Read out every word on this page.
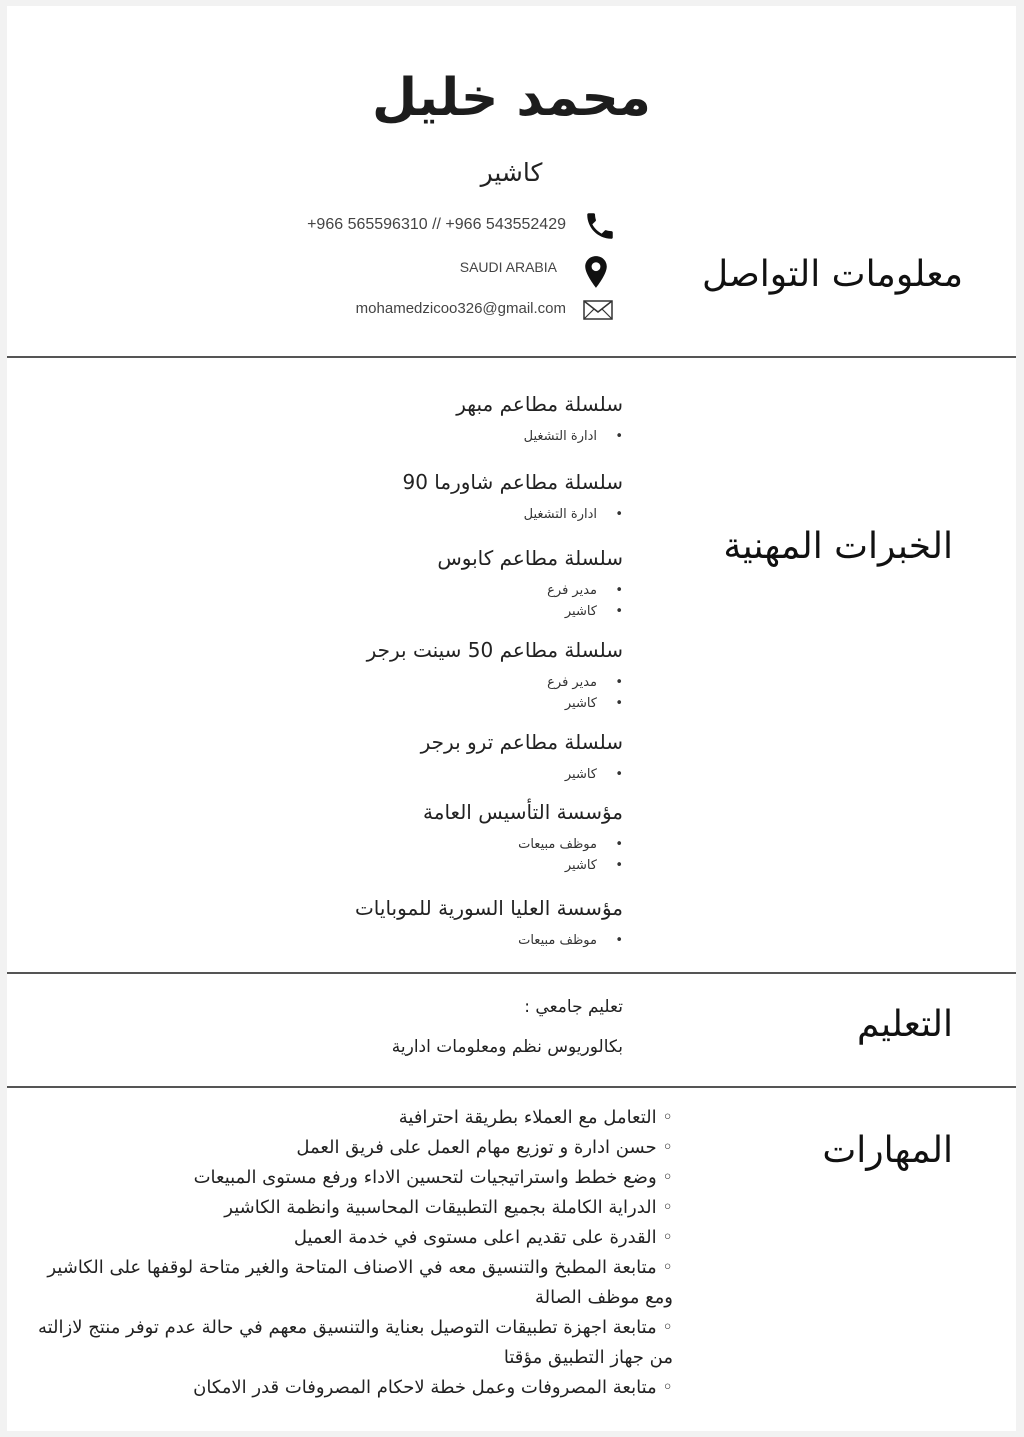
محمد خليل
كاشير
+966 565596310 // +966 543552429
SAUDI ARABIA
mohamedzicoo326@gmail.com
معلومات التواصل
الخبرات المهنية
سلسلة مطاعم مبهر
• ادارة التشغيل
سلسلة مطاعم شاورما 90
• ادارة التشغيل
سلسلة مطاعم كابوس
• مدير فرع
• كاشير
سلسلة مطاعم 50 سينت برجر
• مدير فرع
• كاشير
سلسلة مطاعم ترو برجر
• كاشير
مؤسسة التأسيس العامة
• موظف مبيعات
• كاشير
مؤسسة العليا السورية للموبايات
• موظف مبيعات
التعليم
تعليم جامعي :
بكالوريوس نظم ومعلومات ادارية
المهارات
◦ التعامل مع العملاء بطريقة احترافية
◦ حسن ادارة و توزيع مهام العمل على فريق العمل
◦ وضع خطط واستراتيجيات لتحسين الاداء ورفع مستوى المبيعات
◦ الدراية الكاملة بجميع التطبيقات المحاسبية وانظمة الكاشير
◦ القدرة على تقديم اعلى مستوى في خدمة العميل
◦ متابعة المطبخ والتنسيق معه في الاصناف المتاحة والغير متاحة لوقفها على الكاشير ومع موظف الصالة
◦ متابعة اجهزة تطبيقات التوصيل بعناية والتنسيق معهم في حالة عدم توفر منتج لازالته من جهاز التطبيق مؤقتا
◦ متابعة المصروفات وعمل خطة لاحكام المصروفات قدر الامكان
